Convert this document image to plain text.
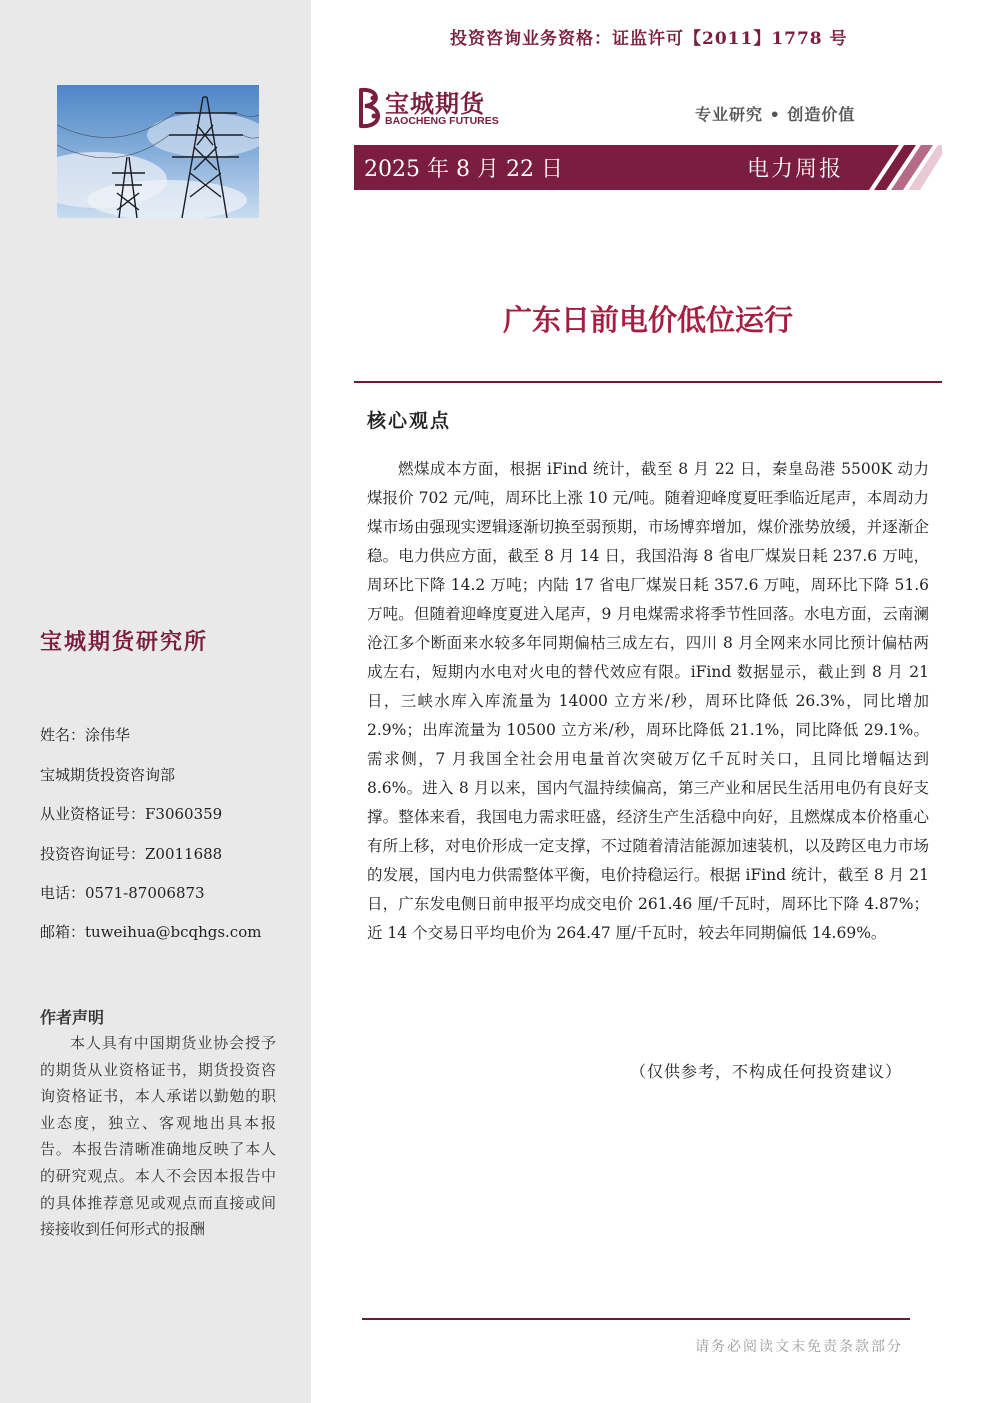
宝城期货研究所
姓名：涂伟华
宝城期货投资咨询部
从业资格证号：F3060359
投资咨询证号：Z0011688
电话：0571-87006873
邮箱：tuweihua@bcqhgs.com
作者声明
本人具有中国期货业协会授予的期货从业资格证书，期货投资咨询资格证书，本人承诺以勤勉的职业态度，独立、客观地出具本报告。本报告清晰准确地反映了本人的研究观点。本人不会因本报告中的具体推荐意见或观点而直接或间接接收到任何形式的报酬
投资咨询业务资格：证监许可【2011】1778 号
宝城期货
BAOCHENG FUTURES	专业研究 • 创造价值
2025 年 8 月 22 日	电力周报
广东日前电价低位运行
核心观点
燃煤成本方面，根据 iFind 统计，截至 8 月 22 日，秦皇岛港 5500K 动力煤报价 702 元/吨，周环比上涨 10 元/吨。随着迎峰度夏旺季临近尾声，本周动力煤市场由强现实逻辑逐渐切换至弱预期，市场博弈增加，煤价涨势放缓，并逐渐企稳。电力供应方面，截至 8 月 14 日，我国沿海 8 省电厂煤炭日耗 237.6 万吨，周环比下降 14.2 万吨；内陆 17 省电厂煤炭日耗 357.6 万吨，周环比下降 51.6 万吨。但随着迎峰度夏进入尾声，9 月电煤需求将季节性回落。水电方面，云南澜沧江多个断面来水较多年同期偏枯三成左右，四川 8 月全网来水同比预计偏枯两成左右，短期内水电对火电的替代效应有限。iFind 数据显示，截止到 8 月 21 日，三峡水库入库流量为 14000 立方米/秒，周环比降低 26.3%，同比增加 2.9%；出库流量为 10500 立方米/秒，周环比降低 21.1%，同比降低 29.1%。需求侧，7 月我国全社会用电量首次突破万亿千瓦时关口，且同比增幅达到 8.6%。进入 8 月以来，国内气温持续偏高，第三产业和居民生活用电仍有良好支撑。整体来看，我国电力需求旺盛，经济生产生活稳中向好，且燃煤成本价格重心有所上移，对电价形成一定支撑，不过随着清洁能源加速装机，以及跨区电力市场的发展，国内电力供需整体平衡，电价持稳运行。根据 iFind 统计，截至 8 月 21 日，广东发电侧日前申报平均成交电价 261.46 厘/千瓦时，周环比下降 4.87%；近 14 个交易日平均电价为 264.47 厘/千瓦时，较去年同期偏低 14.69%。
（仅供参考，不构成任何投资建议）
请务必阅读文末免责条款部分
